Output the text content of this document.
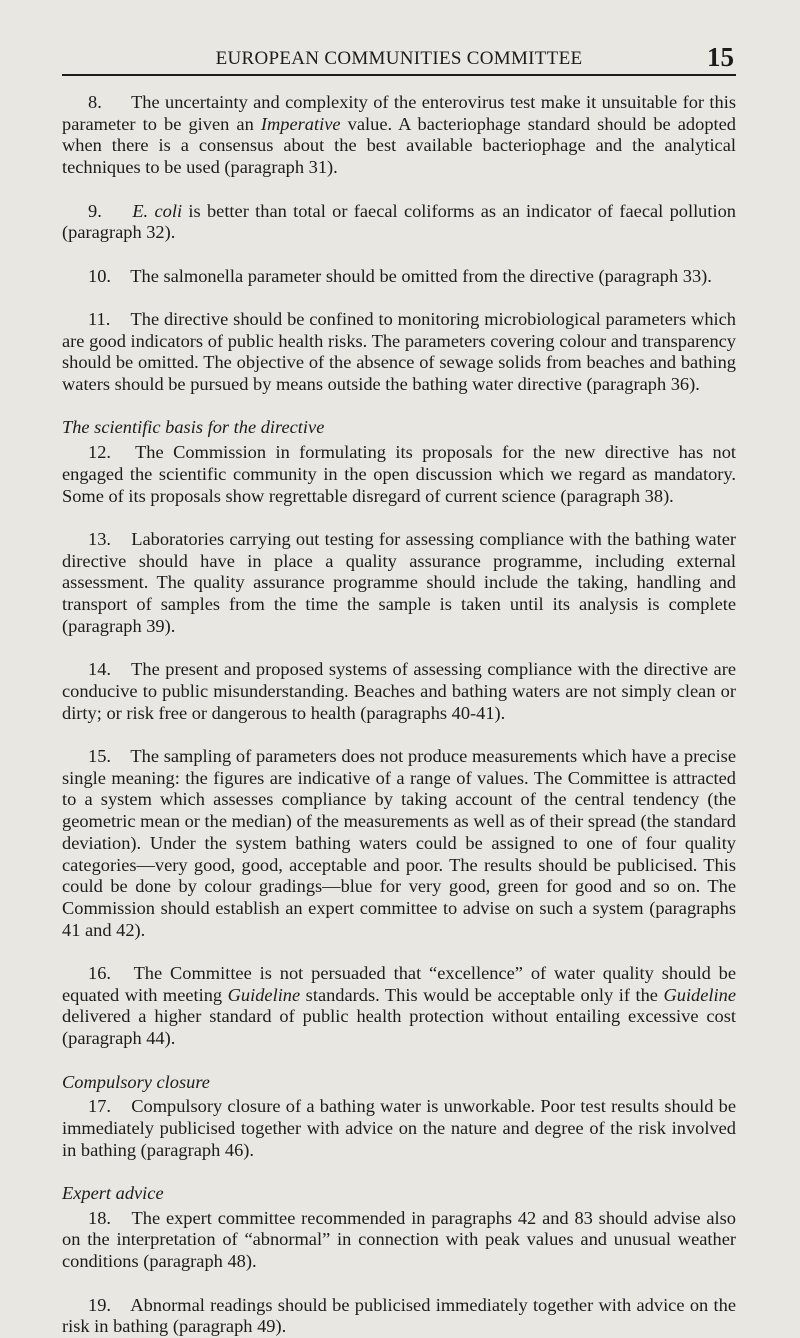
EUROPEAN COMMUNITIES COMMITTEE	15

8. The uncertainty and complexity of the enterovirus test make it unsuitable for this parameter to be given an Imperative value. A bacteriophage standard should be adopted when there is a consensus about the best available bacteriophage and the analytical techniques to be used (paragraph 31).

9. E. coli is better than total or faecal coliforms as an indicator of faecal pollution (paragraph 32).

10. The salmonella parameter should be omitted from the directive (paragraph 33).

11. The directive should be confined to monitoring microbiological parameters which are good indicators of public health risks. The parameters covering colour and transparency should be omitted. The objective of the absence of sewage solids from beaches and bathing waters should be pursued by means outside the bathing water directive (paragraph 36).

The scientific basis for the directive

12. The Commission in formulating its proposals for the new directive has not engaged the scientific community in the open discussion which we regard as mandatory. Some of its proposals show regrettable disregard of current science (paragraph 38).

13. Laboratories carrying out testing for assessing compliance with the bathing water directive should have in place a quality assurance programme, including external assessment. The quality assurance programme should include the taking, handling and transport of samples from the time the sample is taken until its analysis is complete (paragraph 39).

14. The present and proposed systems of assessing compliance with the directive are conducive to public misunderstanding. Beaches and bathing waters are not simply clean or dirty; or risk free or dangerous to health (paragraphs 40-41).

15. The sampling of parameters does not produce measurements which have a precise single meaning: the figures are indicative of a range of values. The Committee is attracted to a system which assesses compliance by taking account of the central tendency (the geometric mean or the median) of the measurements as well as of their spread (the standard deviation). Under the system bathing waters could be assigned to one of four quality categories—very good, good, acceptable and poor. The results should be publicised. This could be done by colour gradings—blue for very good, green for good and so on. The Commission should establish an expert committee to advise on such a system (paragraphs 41 and 42).

16. The Committee is not persuaded that “excellence” of water quality should be equated with meeting Guideline standards. This would be acceptable only if the Guideline delivered a higher standard of public health protection without entailing excessive cost (paragraph 44).

Compulsory closure

17. Compulsory closure of a bathing water is unworkable. Poor test results should be immediately publicised together with advice on the nature and degree of the risk involved in bathing (paragraph 46).

Expert advice

18. The expert committee recommended in paragraphs 42 and 83 should advise also on the interpretation of “abnormal” in connection with peak values and unusual weather conditions (paragraph 48).

19. Abnormal readings should be publicised immediately together with advice on the risk in bathing (paragraph 49).
